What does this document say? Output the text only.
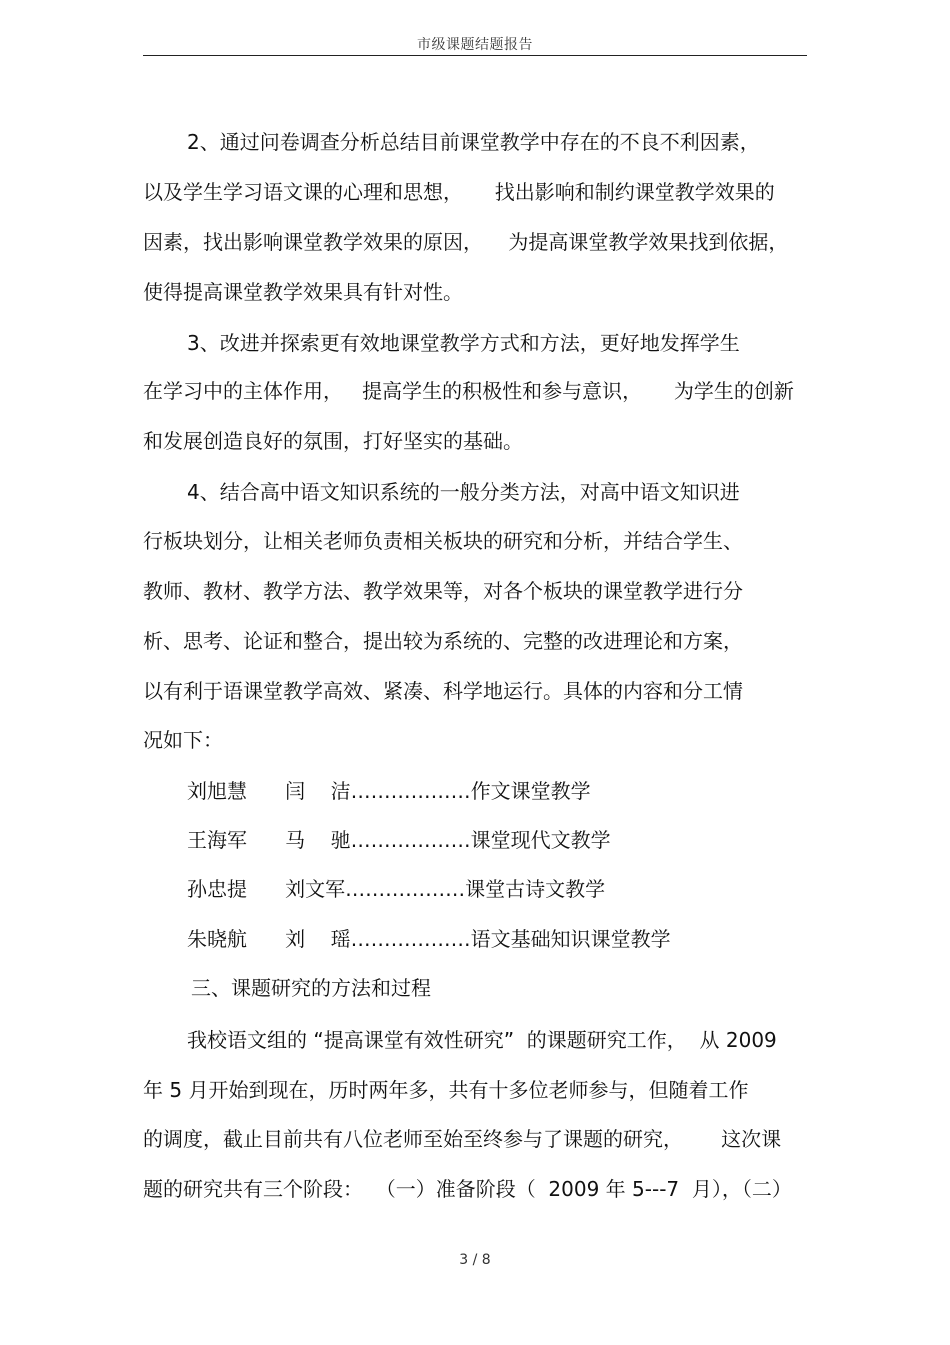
市级课题结题报告
2、通过问卷调查分析总结目前课堂教学中存在的不良不利因素，
以及学生学习语文课的心理和思想，     找出影响和制约课堂教学效果的
因素，找出影响课堂教学效果的原因，    为提高课堂教学效果找到依据，
使得提高课堂教学效果具有针对性。
3、改进并探索更有效地课堂教学方式和方法，更好地发挥学生
在学习中的主体作用，   提高学生的积极性和参与意识，     为学生的创新
和发展创造良好的氛围，打好坚实的基础。
4、结合高中语文知识系统的一般分类方法，对高中语文知识进
行板块划分，让相关老师负责相关板块的研究和分析，并结合学生、
教师、教材、教学方法、教学效果等，对各个板块的课堂教学进行分
析、思考、论证和整合，提出较为系统的、完整的改进理论和方案，
以有利于语课堂教学高效、紧凑、科学地运行。具体的内容和分工情
况如下：
刘旭慧      闫    洁………………作文课堂教学
王海军      马    驰………………课堂现代文教学
孙忠提      刘文军………………课堂古诗文教学
朱晓航      刘    瑶………………语文基础知识课堂教学
三、课题研究的方法和过程
我校语文组的 “提高课堂有效性研究”  的课题研究工作，  从 2009
年 5 月开始到现在，历时两年多，共有十多位老师参与，但随着工作
的调度，截止目前共有八位老师至始至终参与了课题的研究，      这次课
题的研究共有三个阶段：  （一）准备阶段（  2009 年 5---7  月），（二）
3 / 8
